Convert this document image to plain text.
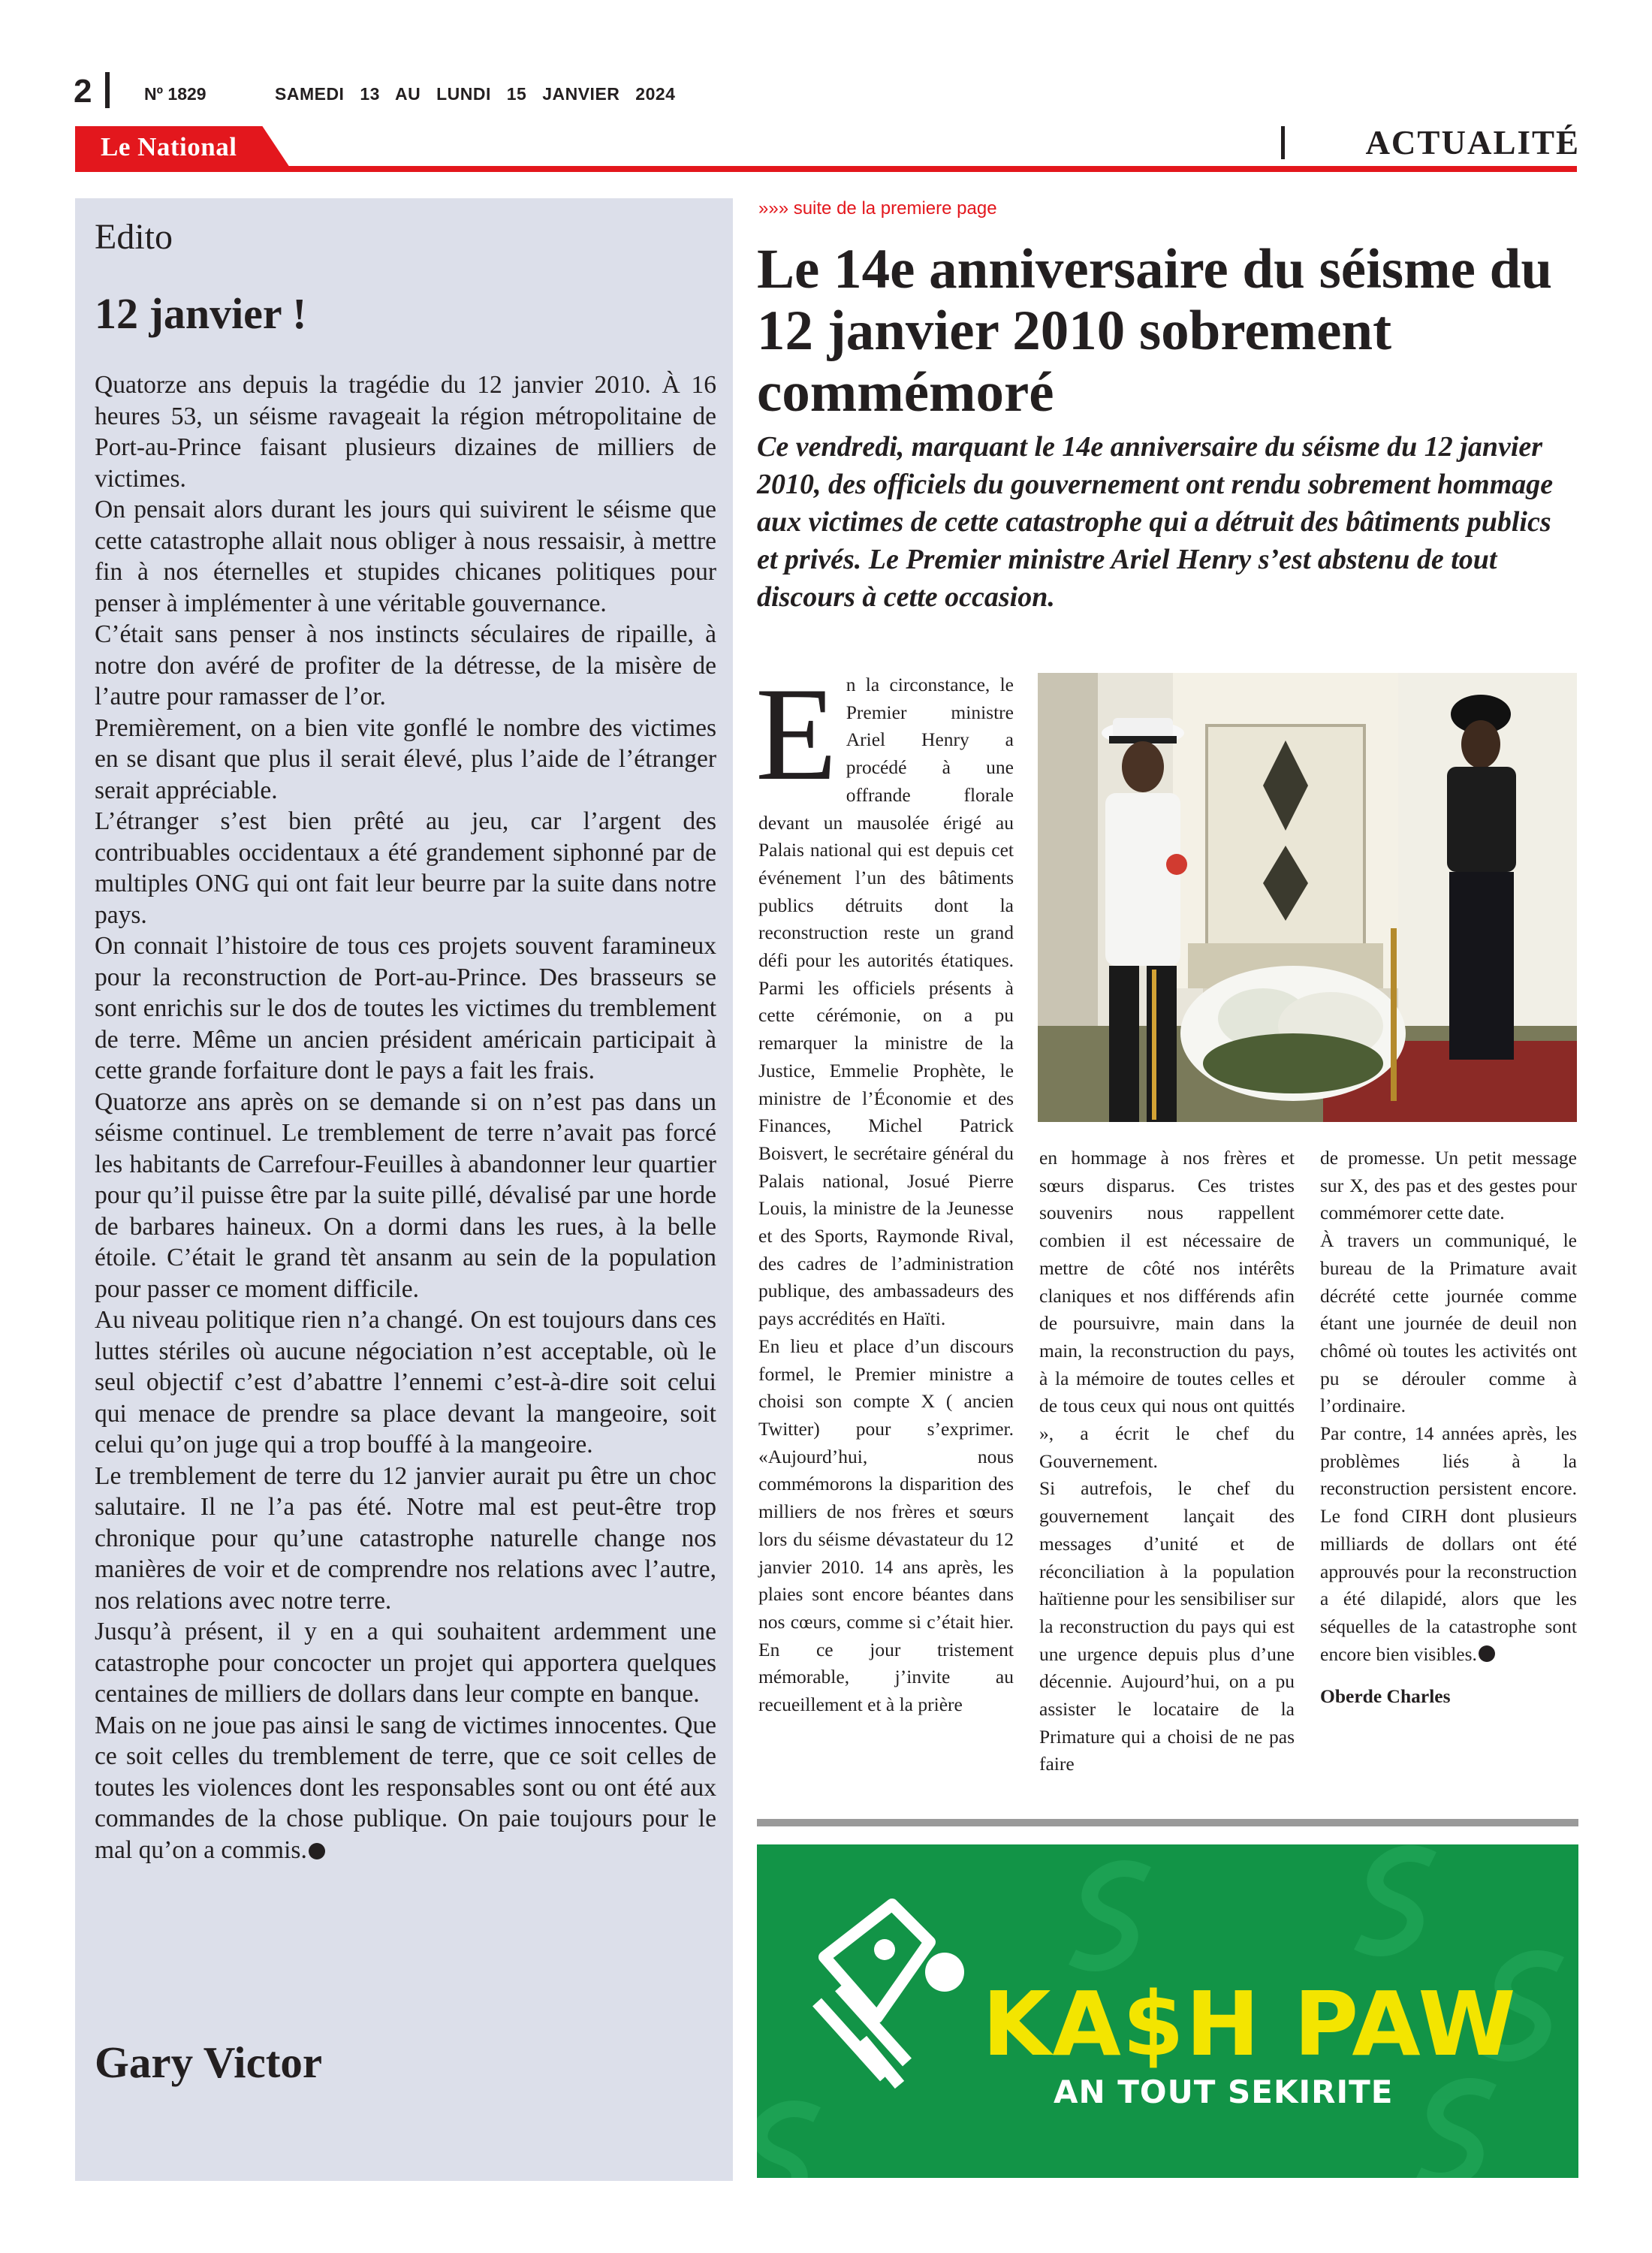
2	Nº 1829	SAMEDI 13 AU LUNDI 15 JANVIER 2024
Le National	ACTUALITÉ
Edito
12 janvier !

Quatorze ans depuis la tragédie du 12 janvier 2010. À 16 heures 53, un séisme ravageait la région métropolitaine de Port-au-Prince faisant plusieurs dizaines de milliers de victimes.

On pensait alors durant les jours qui suivirent le séisme que cette catastrophe allait nous obliger à nous ressaisir, à mettre fin à nos éternelles et stupides chicanes politiques pour penser à implémenter à une véritable gouvernance.

C’était sans penser à nos instincts séculaires de ripaille, à notre don avéré de profiter de la détresse, de la misère de l’autre pour ramasser de l’or.

Premièrement, on a bien vite gonflé le nombre des victimes en se disant que plus il serait élevé, plus l’aide de l’étranger serait appréciable.

L’étranger s’est bien prêté au jeu, car l’argent des contribuables occidentaux a été grandement siphonné par de multiples ONG qui ont fait leur beurre par la suite dans notre pays.

On connait l’histoire de tous ces projets souvent faramineux pour la reconstruction de Port-au-Prince. Des brasseurs se sont enrichis sur le dos de toutes les victimes du tremblement de terre. Même un ancien président américain participait à cette grande forfaiture dont le pays a fait les frais.

Quatorze ans après on se demande si on n’est pas dans un séisme continuel. Le tremblement de terre n’avait pas forcé les habitants de Carrefour-Feuilles à abandonner leur quartier pour qu’il puisse être par la suite pillé, dévalisé par une horde de barbares haineux. On a dormi dans les rues, à la belle étoile. C’était le grand tèt ansanm au sein de la population pour passer ce moment difficile.

Au niveau politique rien n’a changé. On est toujours dans ces luttes stériles où aucune négociation n’est acceptable, où le seul objectif c’est d’abattre l’ennemi c’est-à-dire soit celui qui menace de prendre sa place devant la mangeoire, soit celui qu’on juge qui a trop bouffé à la mangeoire.

Le tremblement de terre du 12 janvier aurait pu être un choc salutaire. Il ne l’a pas été. Notre mal est peut-être trop chronique pour qu’une catastrophe naturelle change nos manières de voir et de comprendre nos relations avec l’autre, nos relations avec notre terre.

Jusqu’à présent, il y en a qui souhaitent ardemment une catastrophe pour concocter un projet qui apportera quelques centaines de milliers de dollars dans leur compte en banque.

Mais on ne joue pas ainsi le sang de victimes innocentes. Que ce soit celles du tremblement de terre, que ce soit celles de toutes les violences dont les responsables sont ou ont été aux commandes de la chose publique. On paie toujours pour le mal qu’on a commis.

Gary Victor
»»» suite de la premiere page
Le 14e anniversaire du séisme du 12 janvier 2010 sobrement commémoré

Ce vendredi, marquant le 14e anniversaire du séisme du 12 janvier 2010, des officiels du gouvernement ont rendu sobrement hommage aux victimes de cette catastrophe qui a détruit des bâtiments publics et privés. Le Premier ministre Ariel Henry s’est abstenu de tout discours à cette occasion.

En la circonstance, le Premier ministre Ariel Henry a procédé à une offrande florale devant un mausolée érigé au Palais national qui est depuis cet événement l’un des bâtiments publics détruits dont la reconstruction reste un grand défi pour les autorités étatiques. Parmi les officiels présents à cette cérémonie, on a pu remarquer la ministre de la Justice, Emmelie Prophète, le ministre de l’Économie et des Finances, Michel Patrick Boisvert, le secrétaire général du Palais national, Josué Pierre Louis, la ministre de la Jeunesse et des Sports, Raymonde Rival, des cadres de l’administration publique, des ambassadeurs des pays accrédités en Haïti.

En lieu et place d’un discours formel, le Premier ministre a choisi son compte X ( ancien Twitter) pour s’exprimer. «Aujourd’hui, nous commémorons la disparition des milliers de nos frères et sœurs lors du séisme dévastateur du 12 janvier 2010. 14 ans après, les plaies sont encore béantes dans nos cœurs, comme si c’était hier. En ce jour tristement mémorable, j’invite au recueillement et à la prière

en hommage à nos frères et sœurs disparus. Ces tristes souvenirs nous rappellent combien il est nécessaire de mettre de côté nos intérêts claniques et nos différends afin de poursuivre, main dans la main, la reconstruction du pays, à la mémoire de toutes celles et de tous ceux qui nous ont quittés », a écrit le chef du Gouvernement.

Si autrefois, le chef du gouvernement lançait des messages d’unité et de réconciliation à la population haïtienne pour les sensibiliser sur la reconstruction du pays qui est une urgence depuis plus d’une décennie. Aujourd’hui, on a pu assister le locataire de la Primature qui a choisi de ne pas faire

de promesse. Un petit message sur X, des pas et des gestes pour commémorer cette date.

À travers un communiqué, le bureau de la Primature avait décrété cette journée comme étant une journée de deuil non chômé où toutes les activités ont pu se dérouler comme à l’ordinaire.

Par contre, 14 années après, les problèmes liés à la reconstruction persistent encore. Le fond CIRH dont plusieurs milliards de dollars ont été approuvés pour la reconstruction a été dilapidé, alors que les séquelles de la catastrophe sont encore bien visibles.

Oberde Charles

KA$H PAW
AN TOUT SEKIRITE
